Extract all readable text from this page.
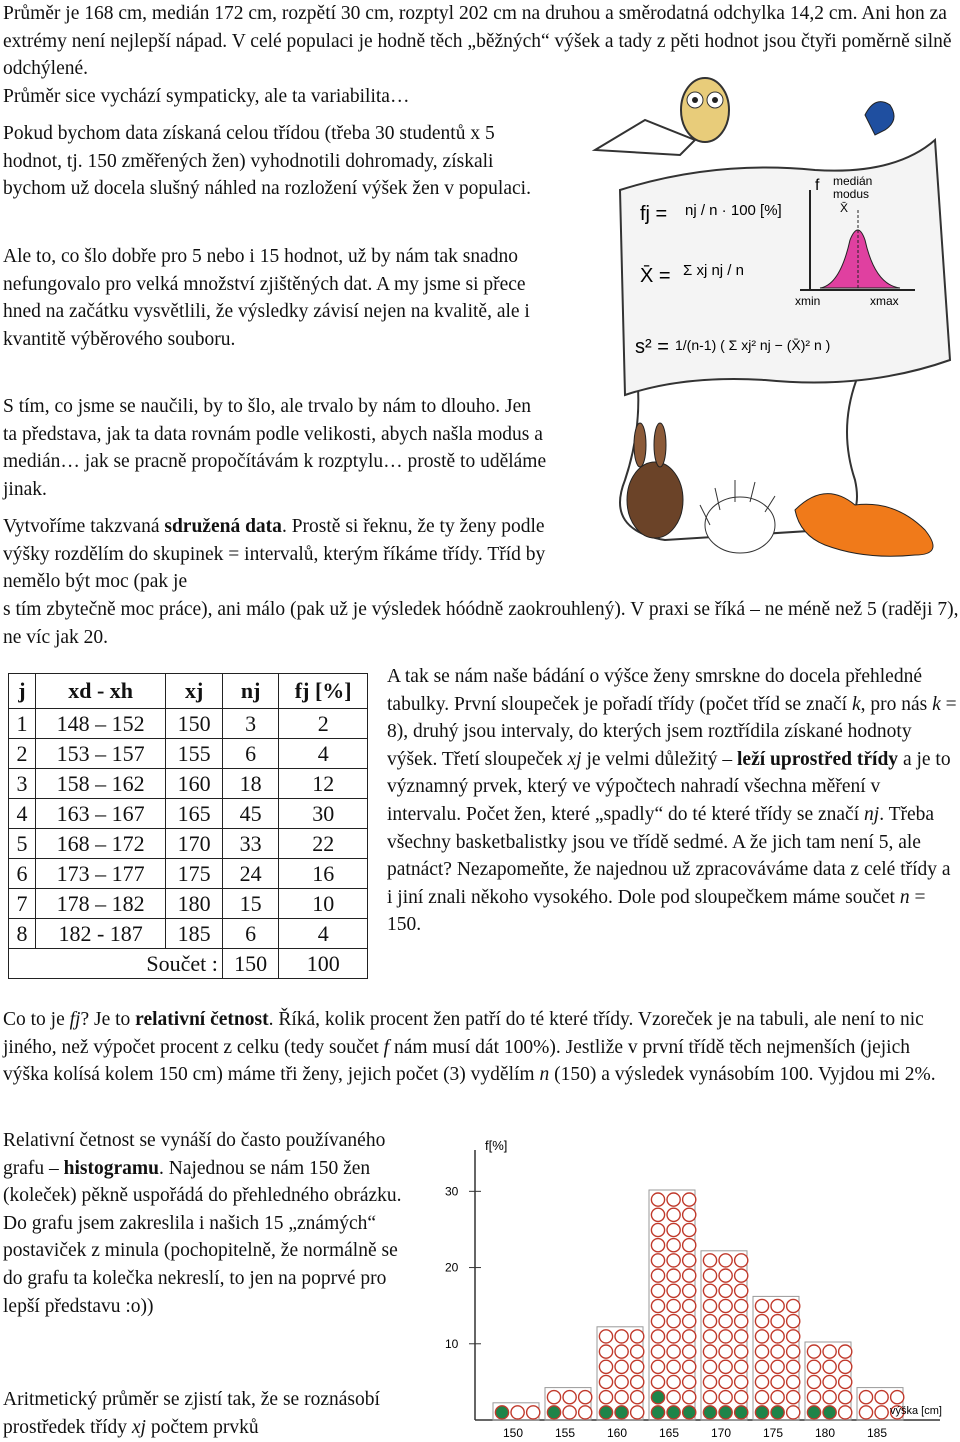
Průměr je 168 cm, medián 172 cm, rozpětí 30 cm, rozptyl 202 cm na druhou a směrodatná odchylka 14,2 cm. Ani hon za extrémy není nejlepší nápad. V celé populaci je hodně těch „běžných“ výšek a tady z pěti hodnot jsou čtyři poměrně silně odchýlené.

Průměr sice vychází sympaticky, ale ta variabilita…

Pokud bychom data získaná celou třídou (třeba 30 studentů x 5 hodnot, tj. 150 změřených žen) vyhodnotili dohromady, získali bychom už docela slušný náhled na rozložení výšek žen v populaci.

Ale to, co šlo dobře pro 5 nebo i 15 hodnot, už by nám tak snadno nefungovalo pro velká množství zjištěných dat. A my jsme si přece hned na začátku vysvětlili, že výsledky závisí nejen na kvalitě, ale i kvantitě výběrového souboru.

S tím, co jsme se naučili, by to šlo, ale trvalo by nám to dlouho. Jen ta představa, jak ta data rovnám podle velikosti, abych našla modus a medián… jak se pracně propočítávám k rozptylu… prostě to uděláme jinak.

Vytvoříme takzvaná sdružená data. Prostě si řeknu, že ty ženy podle výšky rozdělím do skupinek = intervalů, kterým říkáme třídy. Tříd by nemělo být moc (pak je

s tím zbytečně moc práce), ani málo (pak už je výsledek hóódně zaokrouhlený). V praxi se říká – ne méně než 5 (raději 7), ne víc jak 20.

j	xd - xh	xj	nj	fj [%]
1	148 – 152	150	3	2
2	153 – 157	155	6	4
3	158 – 162	160	18	12
4	163 – 167	165	45	30
5	168 – 172	170	33	22
6	173 – 177	175	24	16
7	178 – 182	180	15	10
8	182 - 187	185	6	4
Součet :			150	100

A tak se nám naše bádání o výšce ženy smrskne do docela přehledné tabulky. První sloupeček je pořadí třídy (počet tříd se značí k, pro nás k = 8), druhý jsou intervaly, do kterých jsem roztřídila získané hodnoty výšek. Třetí sloupeček xj je velmi důležitý – leží uprostřed třídy a je to významný prvek, který ve výpočtech nahradí všechna měření v intervalu. Počet žen, které „spadly“ do té které třídy se značí nj. Třeba všechny basketbalistky jsou ve třídě sedmé. A že jich tam není 5, ale patnáct? Nezapomeňte, že najednou už zpracováváme data z celé třídy a i jiní znali někoho vysokého. Dole pod sloupečkem máme součet n = 150.

Co to je fj? Je to relativní četnost. Říká, kolik procent žen patří do té které třídy. Vzoreček je na tabuli, ale není to nic jiného, než výpočet procent z celku (tedy součet f nám musí dát 100%). Jestliže v první třídě těch nejmenších (jejich výška kolísá kolem 150 cm) máme tři ženy, jejich počet (3) vydělím n (150) a výsledek vynásobím 100. Vyjdou mi 2%.

Relativní četnost se vynáší do často používaného grafu – histogramu. Najednou se nám 150 žen (koleček) pěkně uspořádá do přehledného obrázku. Do grafu jsem zakreslila i našich 15 „známých“ postaviček z minula (pochopitelně, že normálně se do grafu ta kolečka nekreslí, to jen na poprvé pro lepší představu :o))

Aritmetický průměr se zjistí tak, že se roznásobí prostředek třídy xj počtem prvků

fj = nj / n · 100 [%]
X̄ = Σ xj nj / n
s² = 1/(n-1) ( Σ xj² nj − (X̄)² n )
f medián
modus
X̄
xmin	xmax
f[%]
30
20
10
150	155	160	165	170	175	180	185
výška [cm]
